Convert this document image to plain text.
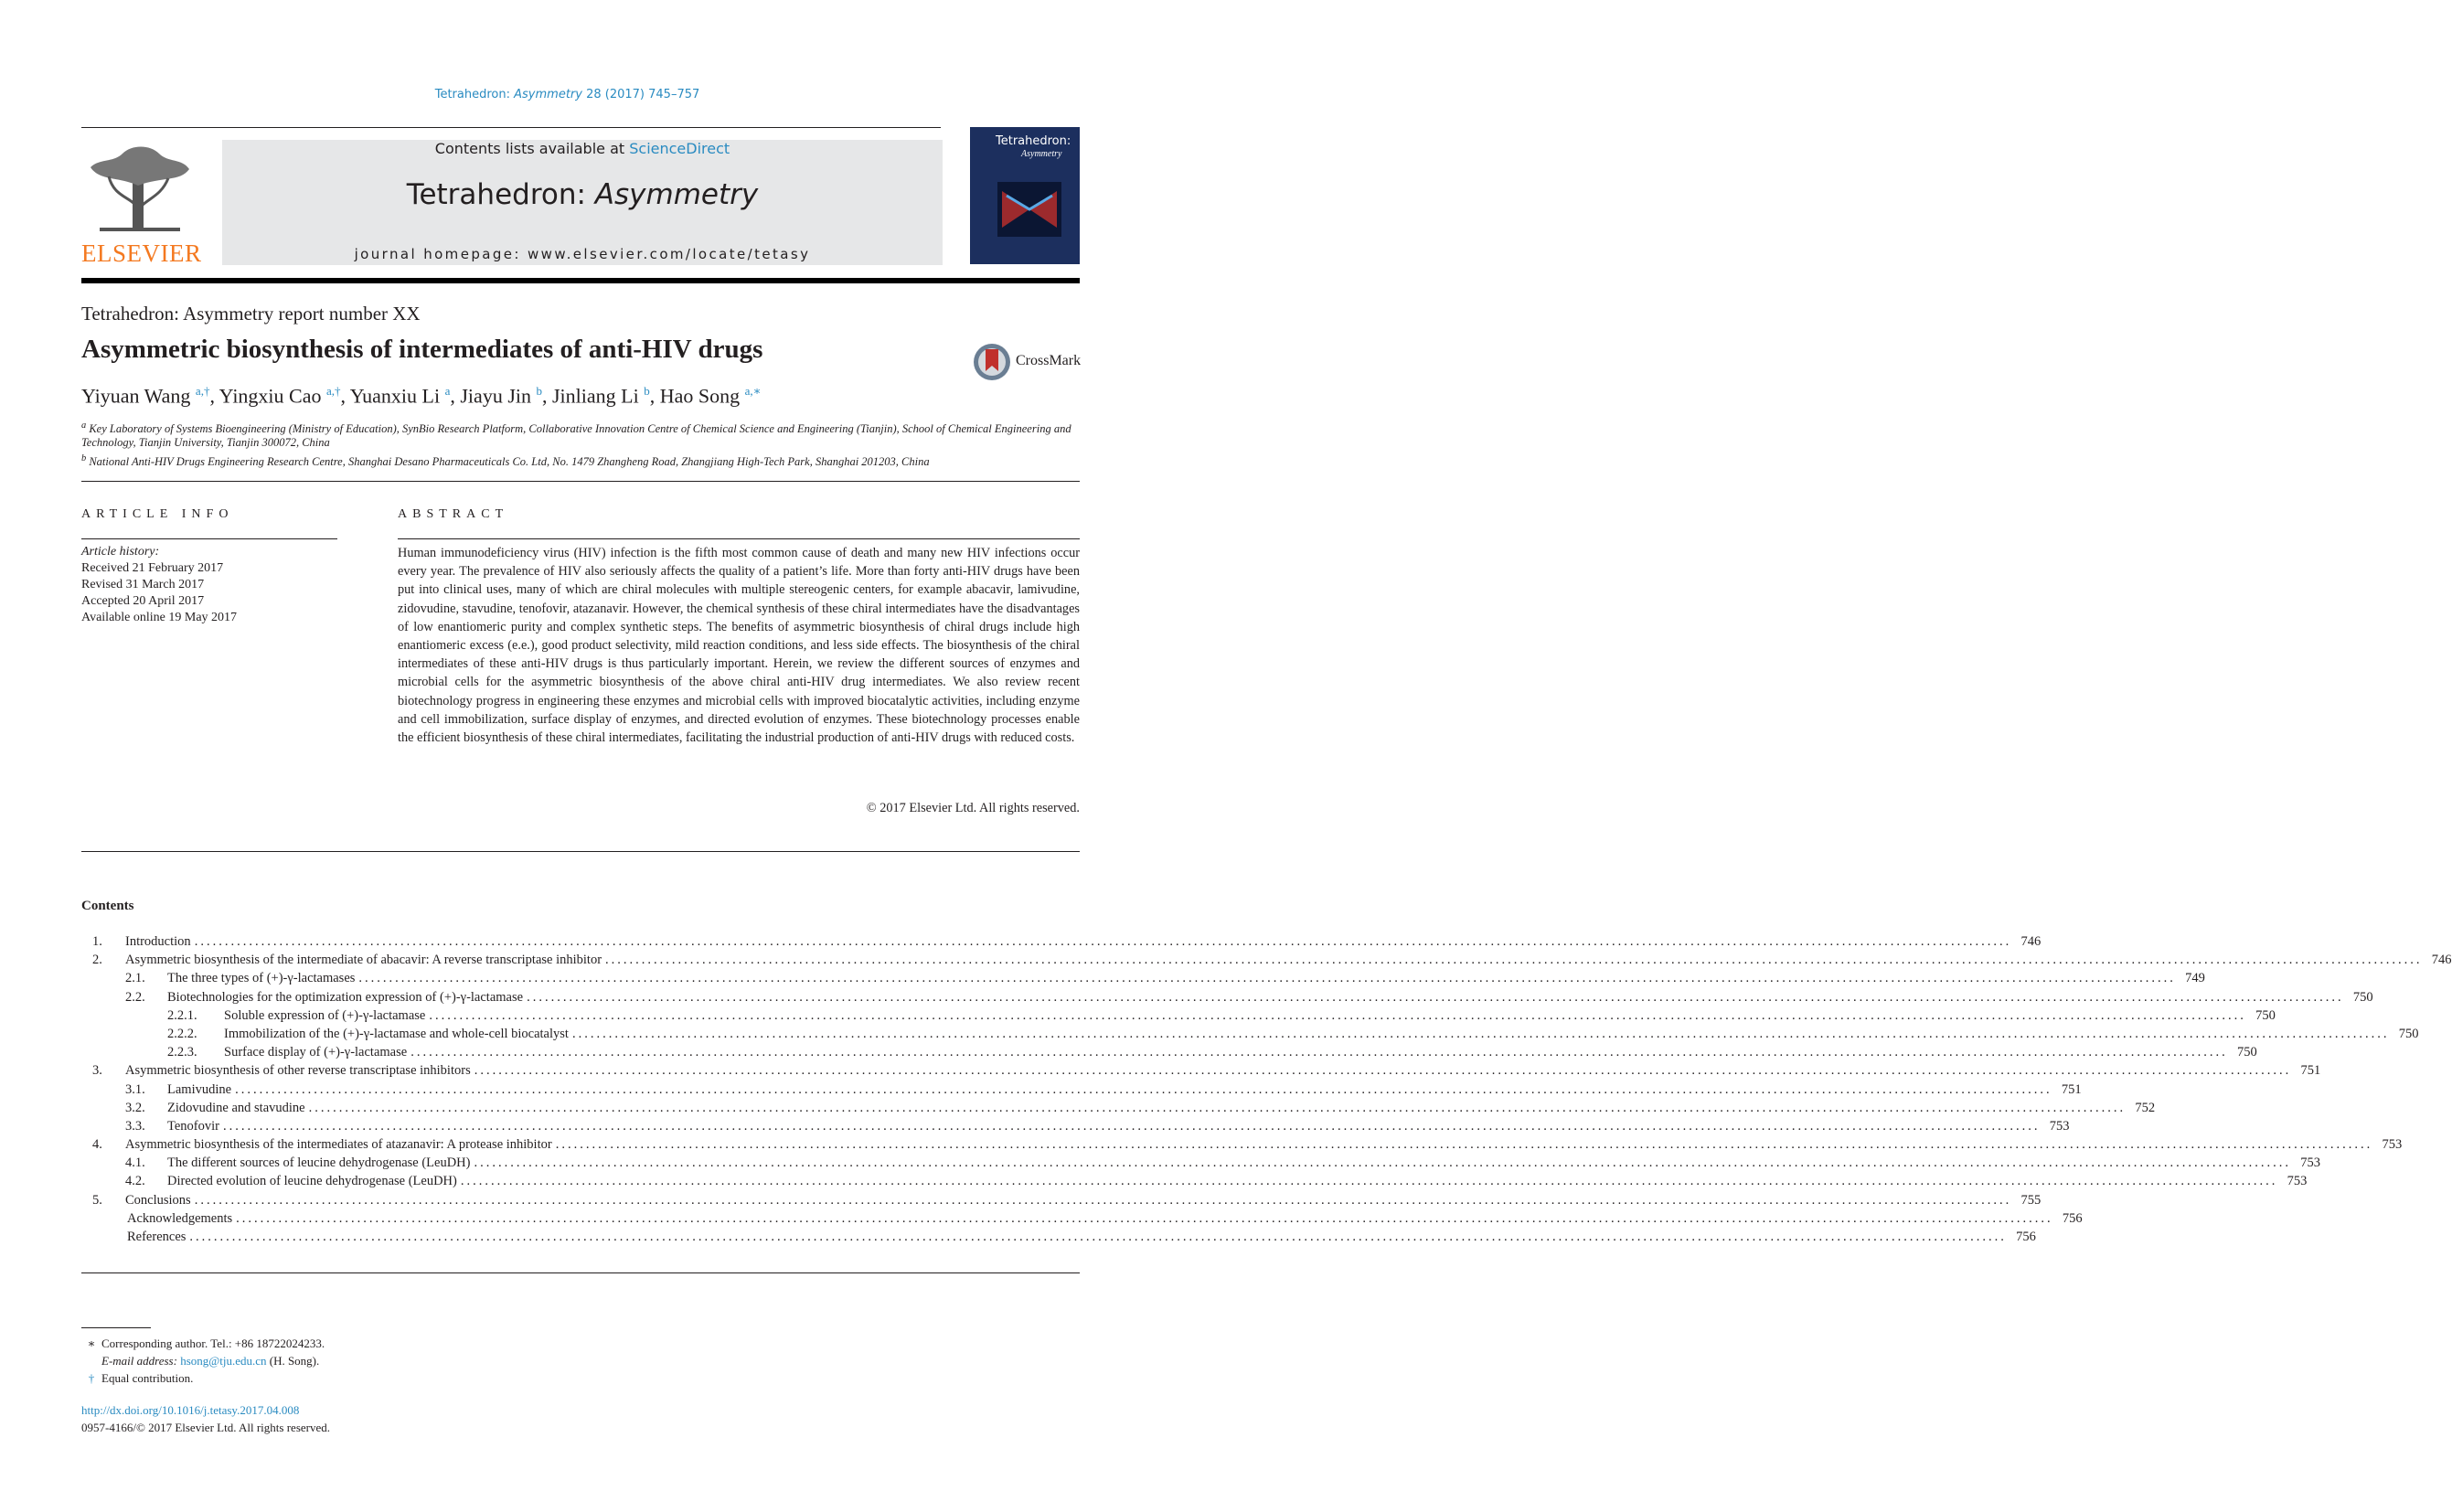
Tetrahedron: Asymmetry 28 (2017) 745–757
ELSEVIER
Contents lists available at ScienceDirect
Tetrahedron: Asymmetry
journal homepage: www.elsevier.com/locate/tetasy
Tetrahedron:
Asymmetry
Tetrahedron: Asymmetry report number XX
Asymmetric biosynthesis of intermediates of anti-HIV drugs	CrossMark
Yiyuan Wang $^{a,\dagger}$, Yingxiu Cao $^{a,\dagger}$, Yuanxiu Li $^a$, Jiayu Jin $^b$, Jinliang Li $^b$, Hao Song $^{a,∗}$
$^a$ Key Laboratory of Systems Bioengineering (Ministry of Education), SynBio Research Platform, Collaborative Innovation Centre of Chemical Science and Engineering (Tianjin), School of Chemical Engineering and Technology, Tianjin University, Tianjin 300072, China
$^b$ National Anti-HIV Drugs Engineering Research Centre, Shanghai Desano Pharmaceuticals Co. Ltd, No. 1479 Zhangheng Road, Zhangjiang High-Tech Park, Shanghai 201203, China
ARTICLE INFO	ABSTRACT
Article history:
Received 21 February 2017
Revised 31 March 2017
Accepted 20 April 2017
Available online 19 May 2017
Human immunodeficiency virus (HIV) infection is the fifth most common cause of death and many new HIV infections occur every year. The prevalence of HIV also seriously affects the quality of a patient’s life. More than forty anti-HIV drugs have been put into clinical uses, many of which are chiral molecules with multiple stereogenic centers, for example abacavir, lamivudine, zidovudine, stavudine, tenofovir, atazanavir. However, the chemical synthesis of these chiral intermediates have the disadvantages of low enantiomeric purity and complex synthetic steps. The benefits of asymmetric biosynthesis of chiral drugs include high enantiomeric excess (e.e.), good product selectivity, mild reaction conditions, and less side effects. The biosynthesis of the chiral intermediates of these anti-HIV drugs is thus particularly important. Herein, we review the different sources of enzymes and microbial cells for the asymmetric biosynthesis of the above chiral anti-HIV drug intermediates. We also review recent biotechnology progress in engineering these enzymes and microbial cells with improved biocatalytic activities, including enzyme and cell immobilization, surface display of enzymes, and directed evolution of enzymes. These biotechnology processes enable the efficient biosynthesis of these chiral intermediates, facilitating the industrial production of anti-HIV drugs with reduced costs.
© 2017 Elsevier Ltd. All rights reserved.
Contents
1.	Introduction ............................................................................................................................................................................................................................................................................................................ 746
2.	Asymmetric biosynthesis of the intermediate of abacavir: A reverse transcriptase inhibitor ............................................................................................................................................................................................................................................................................................................ 746
2.1.	The three types of (+)-γ-lactamases ............................................................................................................................................................................................................................................................................................................ 749
2.2.	Biotechnologies for the optimization expression of (+)-γ-lactamase ............................................................................................................................................................................................................................................................................................................ 750
2.2.1.	Soluble expression of (+)-γ-lactamase ............................................................................................................................................................................................................................................................................................................ 750
2.2.2.	Immobilization of the (+)-γ-lactamase and whole-cell biocatalyst ............................................................................................................................................................................................................................................................................................................ 750
2.2.3.	Surface display of (+)-γ-lactamase ............................................................................................................................................................................................................................................................................................................ 750
3.	Asymmetric biosynthesis of other reverse transcriptase inhibitors ............................................................................................................................................................................................................................................................................................................ 751
3.1.	Lamivudine ............................................................................................................................................................................................................................................................................................................ 751
3.2.	Zidovudine and stavudine ............................................................................................................................................................................................................................................................................................................ 752
3.3.	Tenofovir ............................................................................................................................................................................................................................................................................................................ 753
4.	Asymmetric biosynthesis of the intermediates of atazanavir: A protease inhibitor ............................................................................................................................................................................................................................................................................................................ 753
4.1.	The different sources of leucine dehydrogenase (LeuDH) ............................................................................................................................................................................................................................................................................................................ 753
4.2.	Directed evolution of leucine dehydrogenase (LeuDH) ............................................................................................................................................................................................................................................................................................................ 753
5.	Conclusions ............................................................................................................................................................................................................................................................................................................ 755
Acknowledgements ............................................................................................................................................................................................................................................................................................................ 756
References ............................................................................................................................................................................................................................................................................................................ 756
∗ Corresponding author. Tel.: +86 18722024233.
E-mail address: hsong@tju.edu.cn (H. Song).
† Equal contribution.
http://dx.doi.org/10.1016/j.tetasy.2017.04.008
0957-4166/© 2017 Elsevier Ltd. All rights reserved.
